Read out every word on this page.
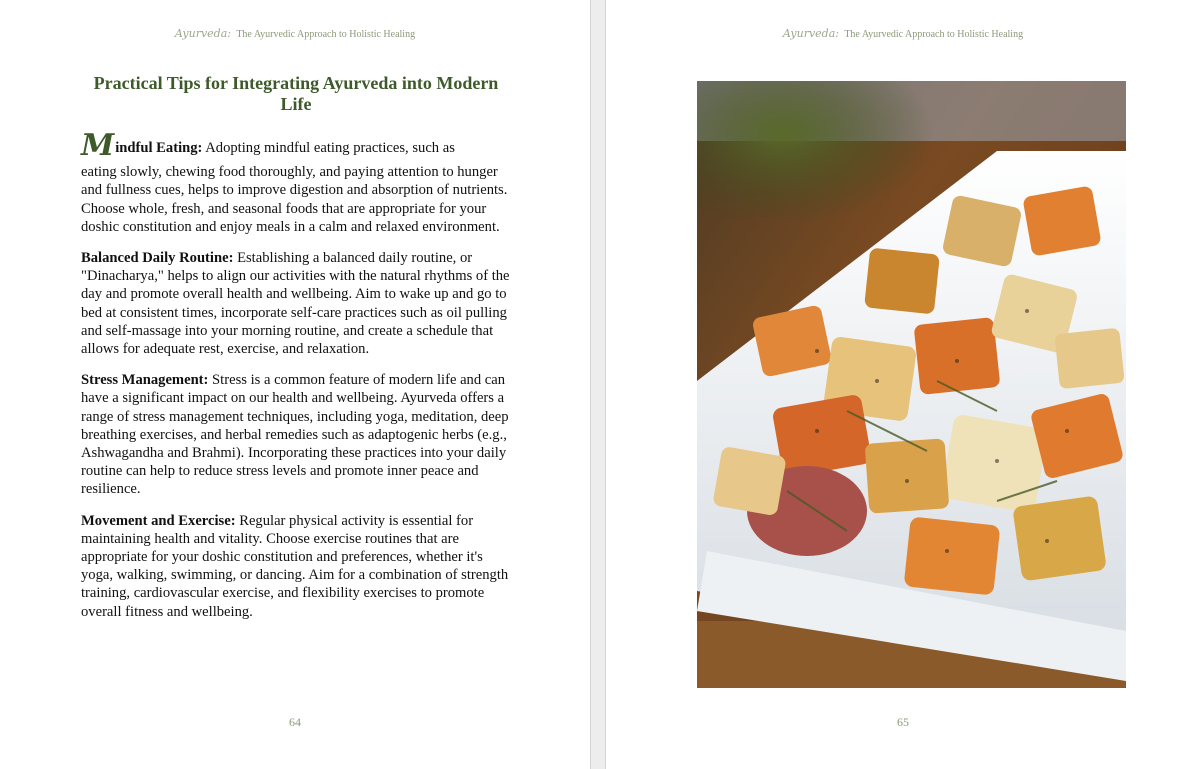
Ayurveda: The Ayurvedic Approach to Holistic Healing
Practical Tips for Integrating Ayurveda into Modern Life

Mindful Eating: Adopting mindful eating practices, such as
eating slowly, chewing food thoroughly, and paying attention to hunger and fullness cues, helps to improve digestion and absorption of nutrients. Choose whole, fresh, and seasonal foods that are appropriate for your doshic constitution and enjoy meals in a calm and relaxed environment.

Balanced Daily Routine: Establishing a balanced daily routine, or "Dinacharya," helps to align our activities with the natural rhythms of the day and promote overall health and wellbeing. Aim to wake up and go to bed at consistent times, incorporate self-care practices such as oil pulling and self-massage into your morning routine, and create a schedule that allows for adequate rest, exercise, and relaxation.

Stress Management: Stress is a common feature of modern life and can have a significant impact on our health and wellbeing. Ayurveda offers a range of stress management techniques, including yoga, meditation, deep breathing exercises, and herbal remedies such as adaptogenic herbs (e.g., Ashwagandha and Brahmi). Incorporating these practices into your daily routine can help to reduce stress levels and promote inner peace and resilience.

Movement and Exercise: Regular physical activity is essential for maintaining health and vitality. Choose exercise routines that are appropriate for your doshic constitution and preferences, whether it's yoga, walking, swimming, or dancing. Aim for a combination of strength training, cardiovascular exercise, and flexibility exercises to promote overall fitness and wellbeing.

64
Ayurveda: The Ayurvedic Approach to Holistic Healing
65
